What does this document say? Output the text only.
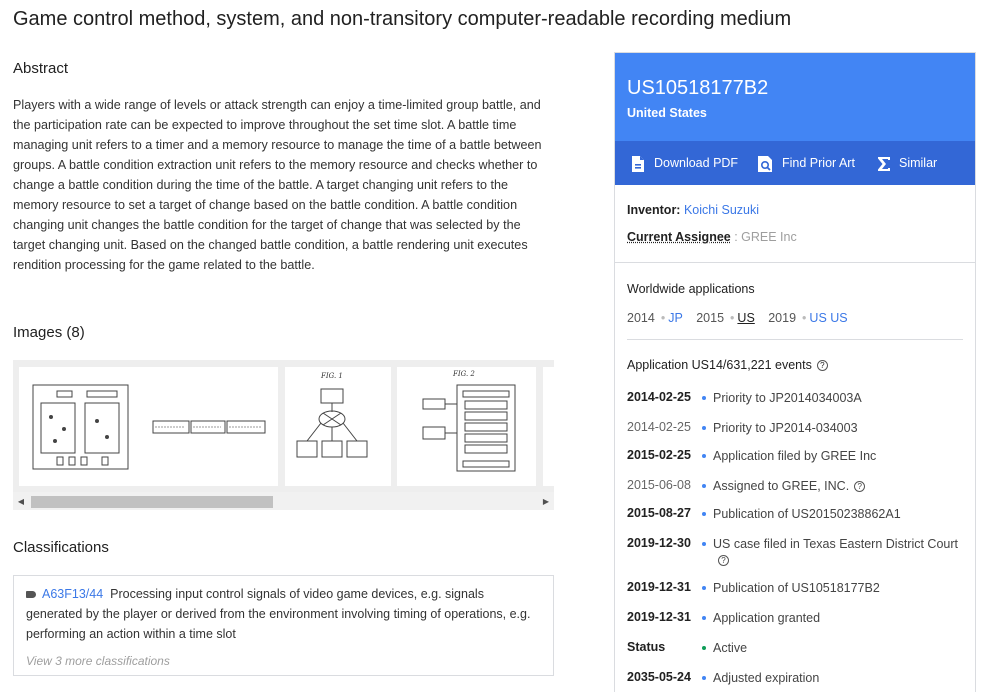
Game control method, system, and non-transitory computer-readable recording medium
Abstract
Players with a wide range of levels or attack strength can enjoy a time-limited group battle, and the participation rate can be expected to improve throughout the set time slot. A battle time managing unit refers to a timer and a memory resource to manage the time of a battle between groups. A battle condition extraction unit refers to the memory resource and checks whether to change a battle condition during the time of the battle. A target changing unit refers to the memory resource to set a target of change based on the battle condition. A battle condition changing unit changes the battle condition for the target of change that was selected by the target changing unit. Based on the changed battle condition, a battle rendering unit executes rendition processing for the game related to the battle.
Images (8)
FIG. 1	FIG. 2
◀	▶
Classifications
A63F13/44 Processing input control signals of video game devices, e.g. signals generated by the player or derived from the environment involving timing of operations, e.g. performing an action within a time slot
View 3 more classifications
US10518177B2
United States
Download PDF	Find Prior Art	Similar
Inventor: Koichi Suzuki
Current Assignee : GREE Inc
Worldwide applications
2014 • JP 2015 • US 2019 • US US
Application US14/631,221 events ?
2014-02-25	Priority to JP2014034003A
2014-02-25	Priority to JP2014-034003
2015-02-25	Application filed by GREE Inc
2015-06-08	Assigned to GREE, INC. ?
2015-08-27	Publication of US20150238862A1
2019-12-30	US case filed in Texas Eastern District Court?
2019-12-31	Publication of US10518177B2
2019-12-31	Application granted
Status	Active
2035-05-24	Adjusted expiration
